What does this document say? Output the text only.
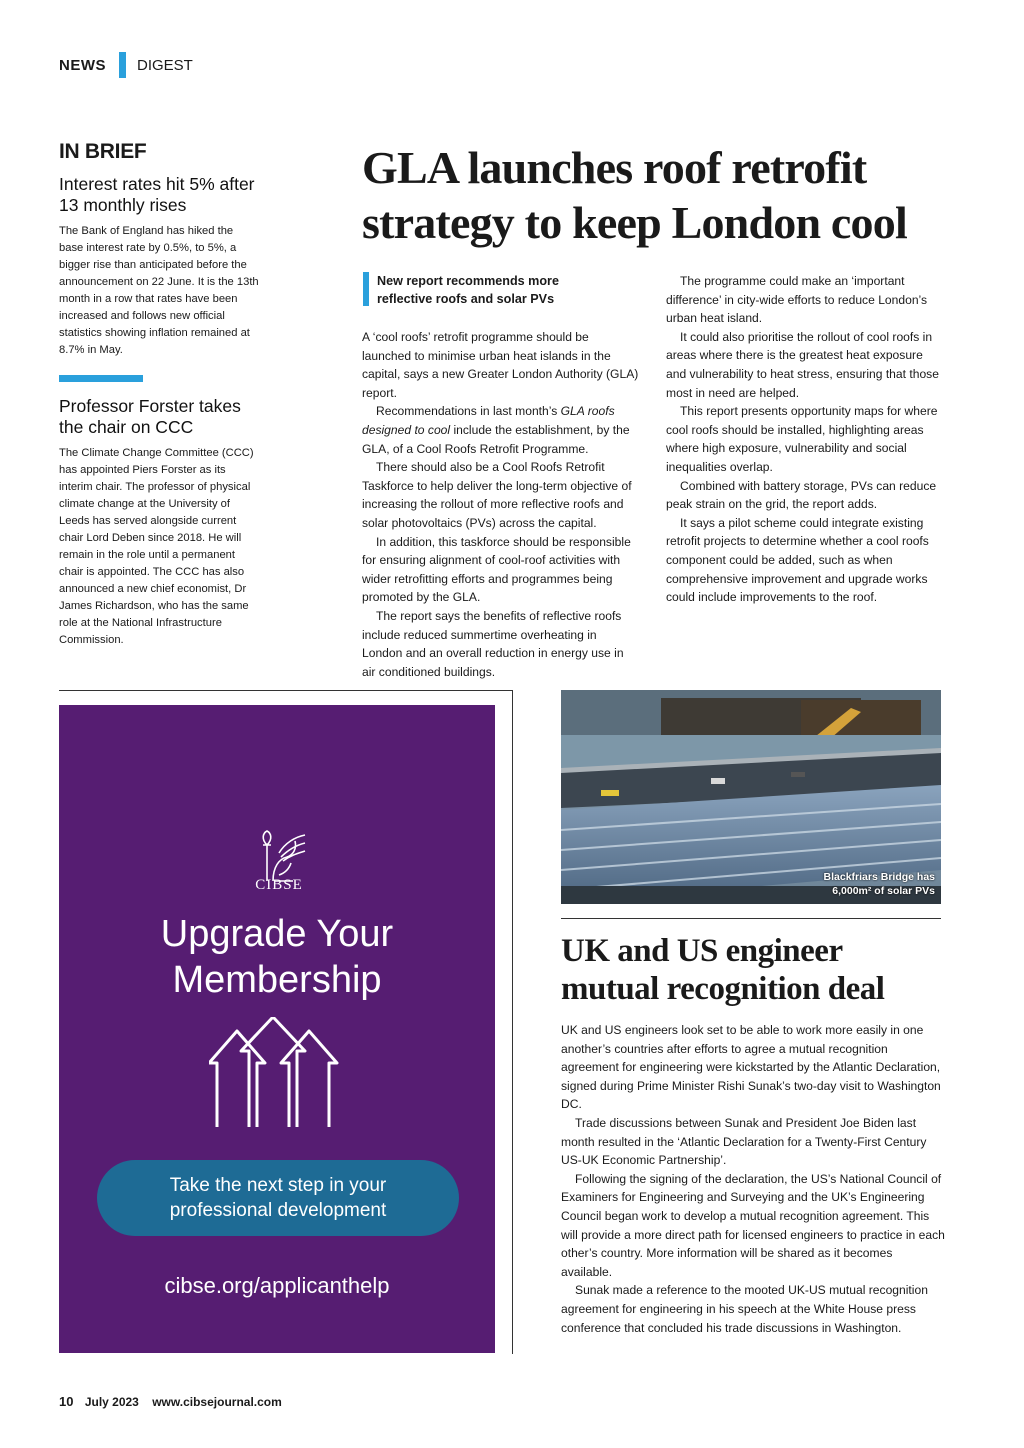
NEWS DIGEST
IN BRIEF
Interest rates hit 5% after 13 monthly rises

The Bank of England has hiked the base interest rate by 0.5%, to 5%, a bigger rise than anticipated before the announcement on 22 June. It is the 13th month in a row that rates have been increased and follows new official statistics showing inflation remained at 8.7% in May.

Professor Forster takes the chair on CCC

The Climate Change Committee (CCC) has appointed Piers Forster as its interim chair. The professor of physical climate change at the University of Leeds has served alongside current chair Lord Deben since 2018. He will remain in the role until a permanent chair is appointed. The CCC has also announced a new chief economist, Dr James Richardson, who has the same role at the National Infrastructure Commission.

GLA launches roof retrofit strategy to keep London cool
New report recommends more reflective roofs and solar PVs

A ‘cool roofs’ retrofit programme should be launched to minimise urban heat islands in the capital, says a new Greater London Authority (GLA) report.

Recommendations in last month’s GLA roofs designed to cool include the establishment, by the GLA, of a Cool Roofs Retrofit Programme.

There should also be a Cool Roofs Retrofit Taskforce to help deliver the long-term objective of increasing the rollout of more reflective roofs and solar photovoltaics (PVs) across the capital.

In addition, this taskforce should be responsible for ensuring alignment of cool-roof activities with wider retrofitting efforts and programmes being promoted by the GLA.

The report says the benefits of reflective roofs include reduced summertime overheating in London and an overall reduction in energy use in air conditioned buildings.

The programme could make an ‘important difference’ in city-wide efforts to reduce London’s urban heat island.

It could also prioritise the rollout of cool roofs in areas where there is the greatest heat exposure and vulnerability to heat stress, ensuring that those most in need are helped.

This report presents opportunity maps for where cool roofs should be installed, highlighting areas where high exposure, vulnerability and social inequalities overlap.

Combined with battery storage, PVs can reduce peak strain on the grid, the report adds.

It says a pilot scheme could integrate existing retrofit projects to determine whether a cool roofs component could be added, such as when comprehensive improvement and upgrade works could include improvements to the roof.

CIBSE
Upgrade Your
Membership
Take the next step in your
professional development
cibse.org/applicanthelp
Blackfriars Bridge has
6,000m² of solar PVs
UK and US engineer
mutual recognition deal

UK and US engineers look set to be able to work more easily in one another’s countries after efforts to agree a mutual recognition agreement for engineering were kickstarted by the Atlantic Declaration, signed during Prime Minister Rishi Sunak’s two-day visit to Washington DC.

Trade discussions between Sunak and President Joe Biden last month resulted in the ‘Atlantic Declaration for a Twenty-First Century US-UK Economic Partnership’.

Following the signing of the declaration, the US’s National Council of Examiners for Engineering and Surveying and the UK’s Engineering Council began work to develop a mutual recognition agreement. This will provide a more direct path for licensed engineers to practice in each other’s country. More information will be shared as it becomes available.

Sunak made a reference to the mooted UK-US mutual recognition agreement for engineering in his speech at the White House press conference that concluded his trade discussions in Washington.

10 July 2023 www.cibsejournal.com
